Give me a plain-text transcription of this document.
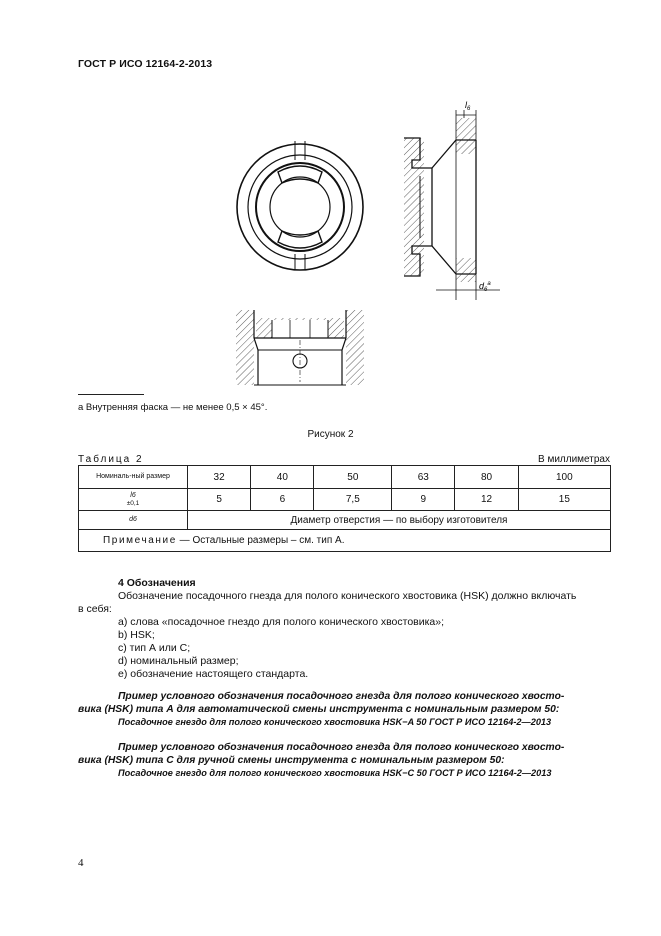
ГОСТ Р ИСО 12164-2-2013
$l_6$
$d_6^a$
а Внутренняя фаска — не менее 0,5 × 45°.
Рисунок 2
Таблица 2	В миллиметрах
Номиналь-ный размер	32	40	50	63	80	100
l6
±0,1	5	6	7,5	9	12	15
d6	Диаметр отверстия — по выбору изготовителя					
Примечание — Остальные размеры – см. тип А.						
4 Обозначения
Обозначение посадочного гнезда для полого конического хвостовика (HSK) должно включать
в себя:
a) слова «посадочное гнездо для полого конического хвостовика»;
b) HSK;
c) тип А или С;
d) номинальный размер;
e) обозначение настоящего стандарта.
Пример условного обозначения посадочного гнезда для полого конического хвосто-
вика (HSK) типа А для автоматической смены инструмента с номинальным размером 50:
Посадочное гнездо для полого конического хвостовика HSK−A 50 ГОСТ Р ИСО 12164-2—2013
Пример условного обозначения посадочного гнезда для полого конического хвосто-
вика (HSK) типа С для ручной смены инструмента с номинальным размером 50:
Посадочное гнездо для полого конического хвостовика HSK−C 50 ГОСТ Р ИСО 12164-2—2013
4
